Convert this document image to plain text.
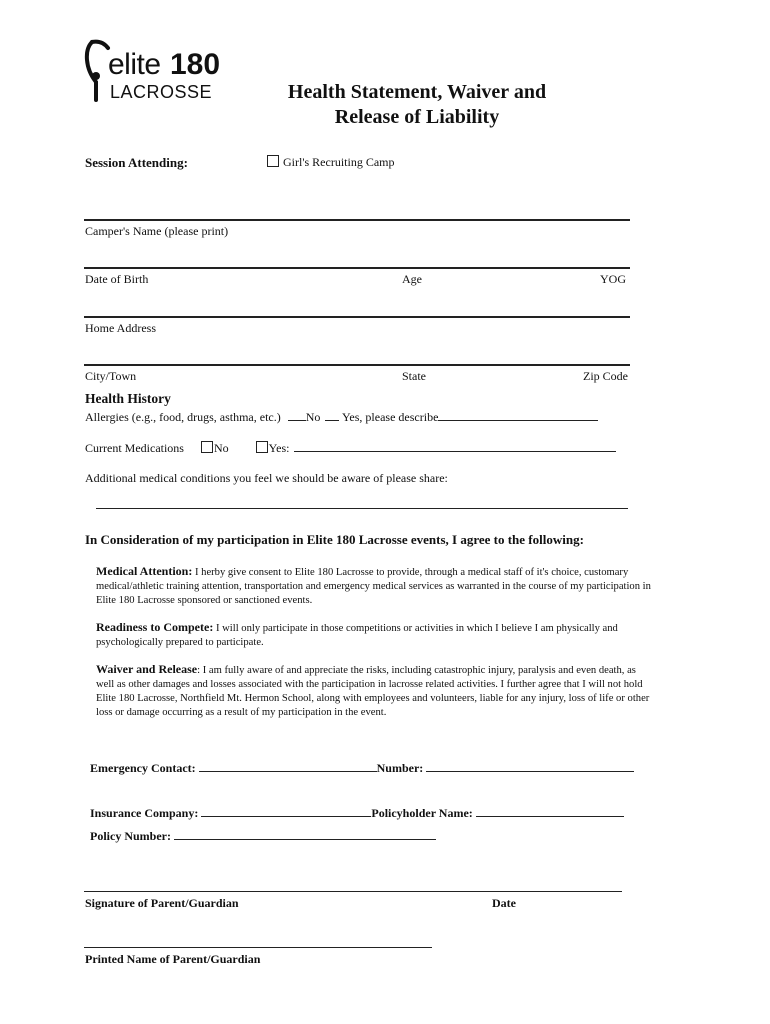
elite 180
LACROSSE	Health Statement, Waiver and
Release of Liability
Session Attending:	Girl's Recruiting Camp
Camper's Name (please print)
Date of Birth	Age	YOG
Home Address
City/Town	State	Zip Code
Health History
Allergies (e.g., food, drugs, asthma, etc.) No Yes, please describe
Current Medications	No	Yes:
Additional medical conditions you feel we should be aware of please share:
In Consideration of my participation in Elite 180 Lacrosse events, I agree to the following:

Medical Attention: I herby give consent to Elite 180 Lacrosse to provide, through a medical staff of it's choice, customary medical/athletic training attention, transportation and emergency medical services as warranted in the course of my participation in Elite 180 Lacrosse sponsored or sanctioned events.

Readiness to Compete: I will only participate in those competitions or activities in which I believe I am physically and psychologically prepared to participate.

Waiver and Release: I am fully aware of and appreciate the risks, including catastrophic injury, paralysis and even death, as well as other damages and losses associated with the participation in lacrosse related activities. I further agree that I will not hold Elite 180 Lacrosse, Northfield Mt. Hermon School, along with employees and volunteers, liable for any injury, loss of life or other loss or damage occurring as a result of my participation in the event.

Emergency Contact:	Number:
Insurance Company:	Policyholder Name:
Policy Number:
Signature of Parent/Guardian	Date
Printed Name of Parent/Guardian
